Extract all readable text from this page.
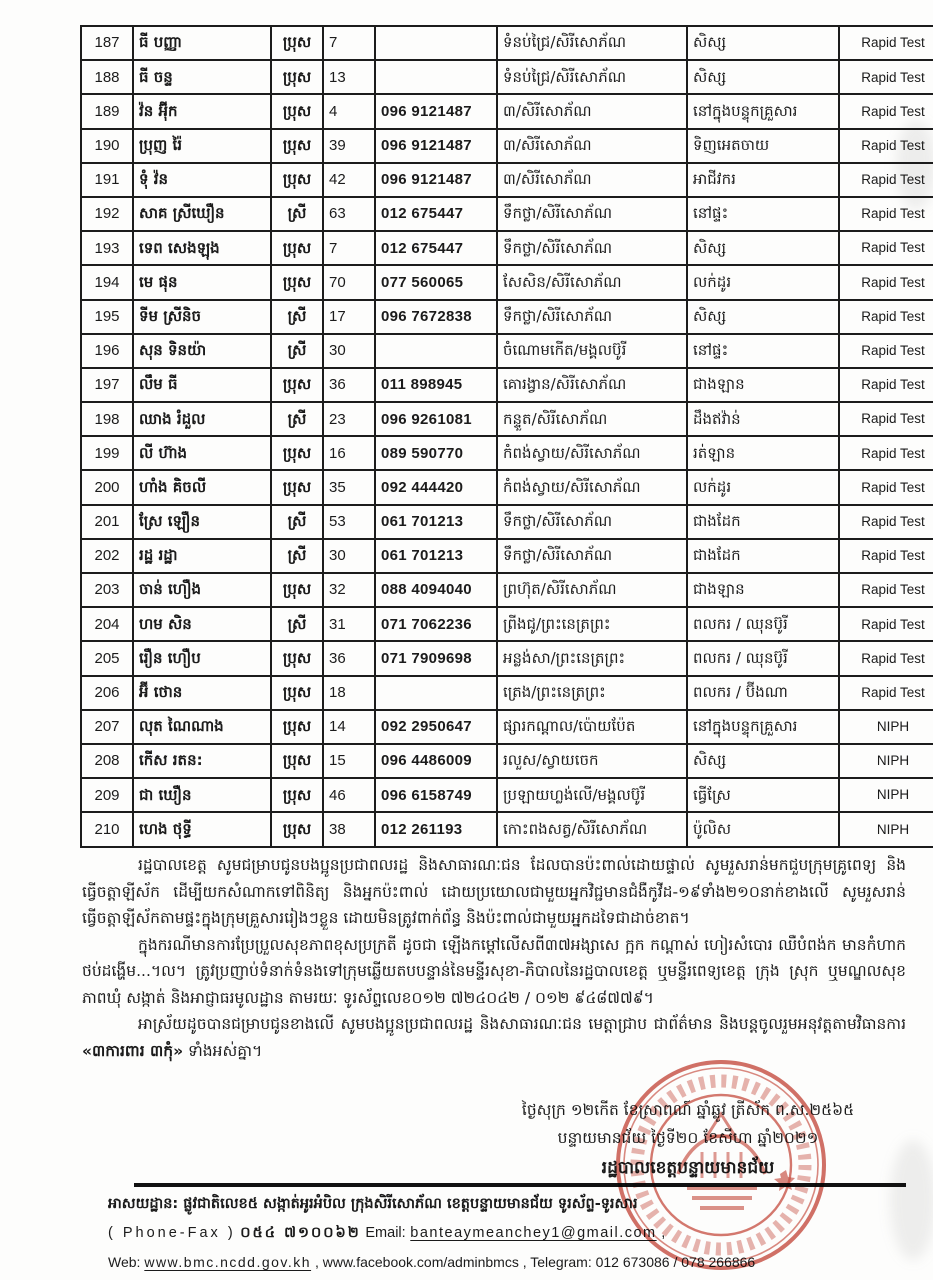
187	ធី បញ្ញា	ប្រុស	7		ទំនប់ជ្រៃ/សិរីសោភ័ណ	សិស្ស	Rapid Test
188	ធី ចន្ទ	ប្រុស	13		ទំនប់ជ្រៃ/សិរីសោភ័ណ	សិស្ស	Rapid Test
189	វ៉ន អ៊ុីក	ប្រុស	4	096 9121487	៣/សិរីសោភ័ណ	នៅក្នុងបន្ទុកគ្រួសារ	Rapid Test
190	ប្រុញ រ៉ៃ	ប្រុស	39	096 9121487	៣/សិរីសោភ័ណ	ទិញអេតចាយ	Rapid Test
191	ទុំ វ៉ន	ប្រុស	42	096 9121487	៣/សិរីសោភ័ណ	អាជីវករ	Rapid Test
192	សាគ ស្រីឃឿន	ស្រី	63	012 675447	ទឹកថ្លា/សិរីសោភ័ណ	នៅផ្ទះ	Rapid Test
193	ទេព សេងឡុង	ប្រុស	7	012 675447	ទឹកថ្លា/សិរីសោភ័ណ	សិស្ស	Rapid Test
194	មេ ផុន	ប្រុស	70	077 560065	សែសិន/សិរីសោភ័ណ	លក់ដូរ	Rapid Test
195	ទីម ស្រីនិច	ស្រី	17	096 7672838	ទឹកថ្លា/សិរីសោភ័ណ	សិស្ស	Rapid Test
196	សុន ទិនយ៉ា	ស្រី	30		ចំណោមកើត/មង្គលប៊ូរី	នៅផ្ទះ	Rapid Test
197	លឹម ធី	ប្រុស	36	011 898945	គោរង្វាន/សិរីសោភ័ណ	ជាងឡាន	Rapid Test
198	ឈាង រំដួល	ស្រី	23	096 9261081	កន្ទួត/សិរីសោភ័ណ	ដឹងឥវ៉ាន់	Rapid Test
199	លី ហ៊ាង	ប្រុស	16	089 590770	កំពង់ស្វាយ/សិរីសោភ័ណ	រត់ឡាន	Rapid Test
200	ហាំង គិចលី	ប្រុស	35	092 444420	កំពង់ស្វាយ/សិរីសោភ័ណ	លក់ដូរ	Rapid Test
201	ស្រែ ឡឿន	ស្រី	53	061 701213	ទឹកថ្លា/សិរីសោភ័ណ	ជាងដែក	Rapid Test
202	រដ្ឋ រដ្ឋា	ស្រី	30	061 701213	ទឹកថ្លា/សិរីសោភ័ណ	ជាងដែក	Rapid Test
203	ចាន់ ហឿង	ប្រុស	32	088 4094040	ព្រហ៊ុត/សិរីសោភ័ណ	ជាងឡាន	Rapid Test
204	ហម សិន	ស្រី	31	071 7062236	ព្រីងជូ/ព្រះនេត្រព្រះ	ពលករ / ឈុនប៊ូរី	Rapid Test
205	រឿន ហឿប	ប្រុស	36	071 7909698	អន្លង់សា/ព្រះនេត្រព្រះ	ពលករ / ឈុនប៊ូរី	Rapid Test
206	អ៊ី ថោន	ប្រុស	18		ត្រេង/ព្រះនេត្រព្រះ	ពលករ / ប៊ីងណា	Rapid Test
207	លុត ណៃណាង	ប្រុស	14	092 2950647	ផ្សារកណ្តាល/ប៉ោយប៉ែត	នៅក្នុងបន្ទុកគ្រួសារ	NIPH
208	កើស រតន:	ប្រុស	15	096 4486009	រលួស/ស្វាយចេក	សិស្ស	NIPH
209	ជា ឃឿន	ប្រុស	46	096 6158749	ប្រឡាយហ្លង់លើ/មង្គលប៊ូរី	ធ្វើស្រែ	NIPH
210	ហេង ថុទ្ធី	ប្រុស	38	012 261193	កោះពងសត្វ/សិរីសោភ័ណ	ប៉ូលិស	NIPH

រដ្ឋបាលខេត្ត សូមជម្រាបជូនបងប្អូនប្រជាពលរដ្ឋ និងសាធារណៈជន ដែលបានប៉ះពាល់ដោយផ្ទាល់ សូមរួសរាន់មកជួបក្រុមគ្រូពេទ្យ និងធ្វើចត្តាឡីស័ក ដើម្បីយកសំណាកទៅពិនិត្យ និងអ្នកប៉ះពាល់ ដោយប្រយោលជាមួយអ្នកវិជ្ជមានជំងឺកូវីដ-១៩ទាំង២១០នាក់ខាងលើ សូមរួសរាន់ធ្វើចត្តាឡីស័កតាមផ្ទះក្នុងក្រុមគ្រួសាររៀងៗខ្លួន ដោយមិនត្រូវពាក់ព័ន្ធ និងប៉ះពាល់ជាមួយអ្នកដទៃជាដាច់ខាត។

ក្នុងករណីមានការប្រែប្រួលសុខភាពខុសប្រក្រតី ដូចជា ឡើងកម្តៅលើសពី៣៧អង្សាសេ ក្អក កណ្តាស់ ហៀរសំបោរ ឈឺបំពង់ក មានកំហាក ថប់ដង្ហើម...។ល។ ត្រូវប្រញាប់ទំនាក់ទំនងទៅក្រុមឆ្លើយតបបន្ទាន់នៃមន្ទីរសុខា-ភិបាលនៃរដ្ឋបាលខេត្ត ឬមន្ទីរពេទ្យខេត្ត ក្រុង ស្រុក ឬមណ្ឌលសុខភាពឃុំ សង្កាត់ និងអាជ្ញាធរមូលដ្ឋាន តាមរយៈ ទូរស័ព្ទលេខ០១២ ៧២៤០៤២ / ០១២ ៩៤៨៧៧៩។

អាស្រ័យដូចបានជម្រាបជូនខាងលើ សូមបងប្អូនប្រជាពលរដ្ឋ និងសាធារណៈជន មេត្តាជ្រាប ជាព័ត៌មាន និងបន្តចូលរួមអនុវត្តតាមវិធានការ «៣ការពារ ៣កុំ» ទាំងអស់គ្នា។

ថ្ងៃសុក្រ ១២កើត ខែស្រាពណ៍ ឆ្នាំឆ្លូវ ត្រីស័ក ព.ស.២៥៦៥
បន្ទាយមានជ័យ ថ្ងៃទី២០ ខែសីហា ឆ្នាំ២០២១
រដ្ឋបាលខេត្តបន្ទាយមានជ័យ
អាសយដ្ឋាន: ផ្លូវជាតិលេខ៥ សង្កាត់អូរអំបិល ក្រុងសិរីសោភ័ណ ខេត្តបន្ទាយមានជ័យ ទូរស័ព្ទ-ទូរសារ
( Phone-Fax ) ០៥៤ ៧១០០៦២ Email: banteaymeanchey1@gmail.com ,
Web: www.bmc.ncdd.gov.kh , www.facebook.com/adminbmcs , Telegram: 012 673086 / 078 266866
